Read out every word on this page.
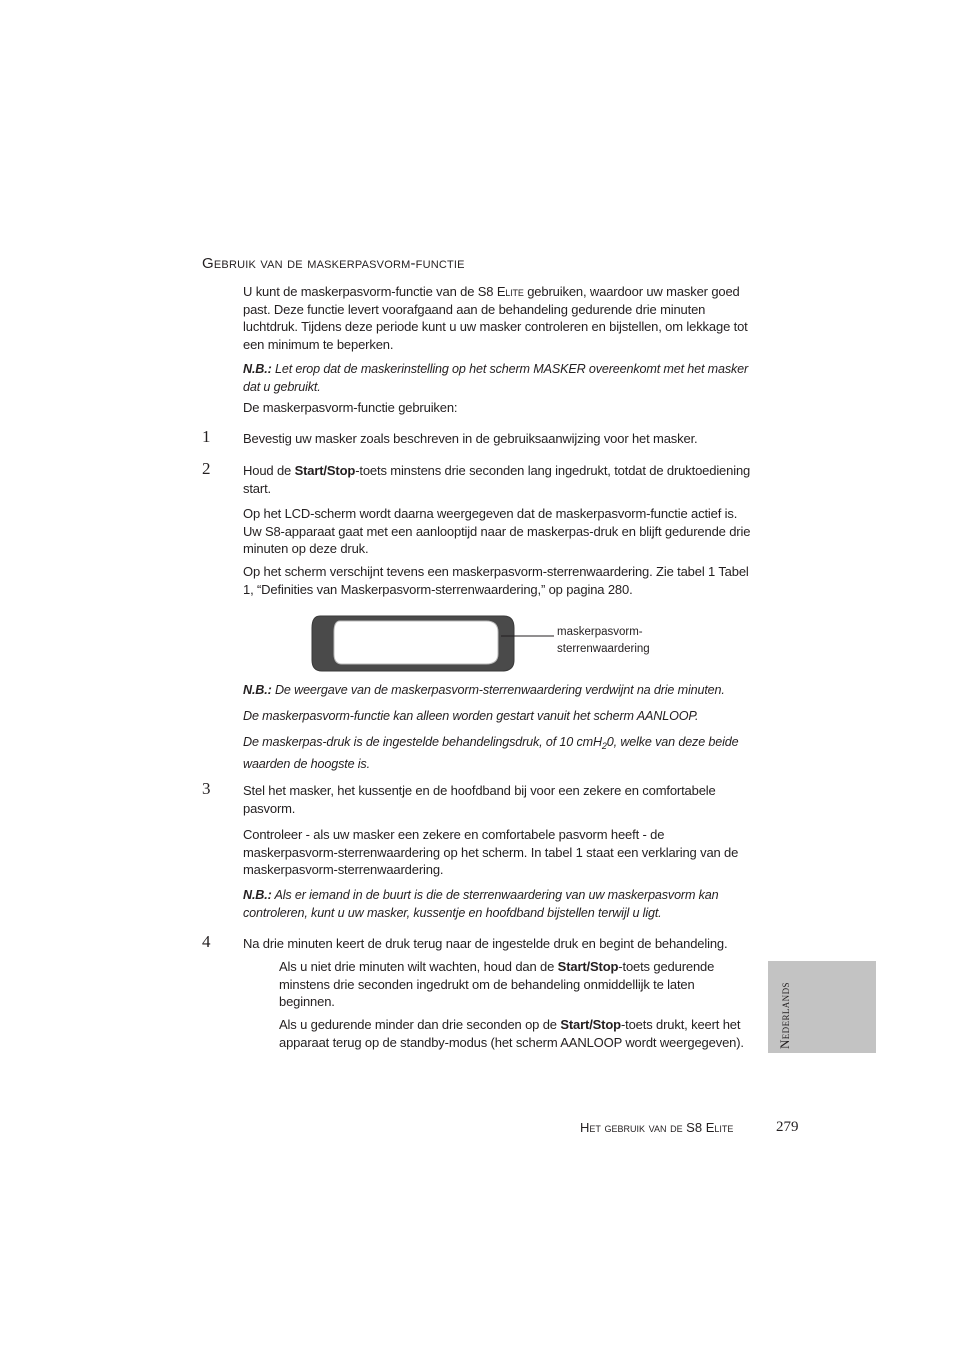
Gebruik van de maskerpasvorm-functie
U kunt de maskerpasvorm-functie van de S8 Elite gebruiken, waardoor uw masker goed past. Deze functie levert voorafgaand aan de behandeling gedurende drie minuten luchtdruk. Tijdens deze periode kunt u uw masker controleren en bijstellen, om lekkage tot een minimum te beperken.
N.B.: Let erop dat de maskerinstelling op het scherm MASKER overeenkomt met het masker dat u gebruikt.
De maskerpasvorm-functie gebruiken:
1	Bevestig uw masker zoals beschreven in de gebruiksaanwijzing voor het masker.
2	Houd de Start/Stop-toets minstens drie seconden lang ingedrukt, totdat de druktoediening start.
Op het LCD-scherm wordt daarna weergegeven dat de maskerpasvorm-functie actief is. Uw S8-apparaat gaat met een aanlooptijd naar de maskerpas-druk en blijft gedurende drie minuten op deze druk.
Op het scherm verschijnt tevens een maskerpasvorm-sterrenwaardering. Zie tabel 1 Tabel 1, “Definities van Maskerpasvorm-sterrenwaardering,” op pagina 280.
maskerpasvorm-
sterrenwaardering
N.B.: De weergave van de maskerpasvorm-sterrenwaardering verdwijnt na drie minuten.
De maskerpasvorm-functie kan alleen worden gestart vanuit het scherm AANLOOP.
De maskerpas-druk is de ingestelde behandelingsdruk, of 10 cmH$_2$0, welke van deze beide waarden de hoogste is.
3	Stel het masker, het kussentje en de hoofdband bij voor een zekere en comfortabele pasvorm.
Controleer - als uw masker een zekere en comfortabele pasvorm heeft - de maskerpasvorm-sterrenwaardering op het scherm. In tabel 1 staat een verklaring van de maskerpasvorm-sterrenwaardering.
N.B.: Als er iemand in de buurt is die de sterrenwaardering van uw maskerpasvorm kan controleren, kunt u uw masker, kussentje en hoofdband bijstellen terwijl u ligt.
4	Na drie minuten keert de druk terug naar de ingestelde druk en begint de behandeling.
Als u niet drie minuten wilt wachten, houd dan de Start/Stop-toets gedurende minstens drie seconden ingedrukt om de behandeling onmiddellijk te laten beginnen.
Als u gedurende minder dan drie seconden op de Start/Stop-toets drukt, keert het apparaat terug op de standby-modus (het scherm AANLOOP wordt weergegeven).	Nederlands
Het gebruik van de S8 Elite	279
